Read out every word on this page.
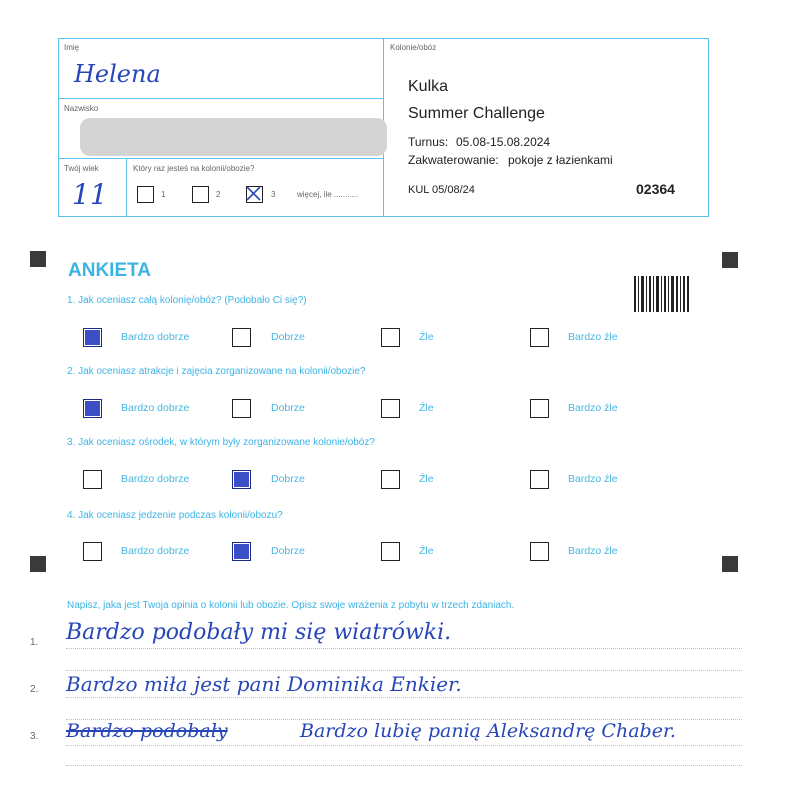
Imię
Helena
Nazwisko
Twój wiek
11
Który raz jesteś na kolonii/obozie?
1	2	3	więcej, ile ...........
Kolonie/obóz
Kulka
Summer Challenge
Turnus: 05.08-15.08.2024
Zakwaterowanie: pokoje z łazienkami
KUL 05/08/24	02364
ANKIETA
1. Jak oceniasz całą kolonię/obóz? (Podobało Ci się?)
Bardzo dobrze	Dobrze	Źle	Bardzo źle
2. Jak oceniasz atrakcje i zajęcia zorganizowane na kolonii/obozie?
Bardzo dobrze	Dobrze	Źle	Bardzo źle
3. Jak oceniasz ośrodek, w którym były zorganizowane kolonie/obóz?
Bardzo dobrze	Dobrze	Źle	Bardzo źle
4. Jak oceniasz jedzenie podczas kolonii/obozu?
Bardzo dobrze	Dobrze	Źle	Bardzo źle
Napisz, jaka jest Twoja opinia o kolonii lub obozie. Opisz swoje wrażenia z pobytu w trzech zdaniach.
1. Bardzo podobały mi się wiatrówki.
2. Bardzo miła jest pani Dominika Enkier.
3. Bardzo podobały	Bardzo lubię panią Aleksandrę Chaber.
